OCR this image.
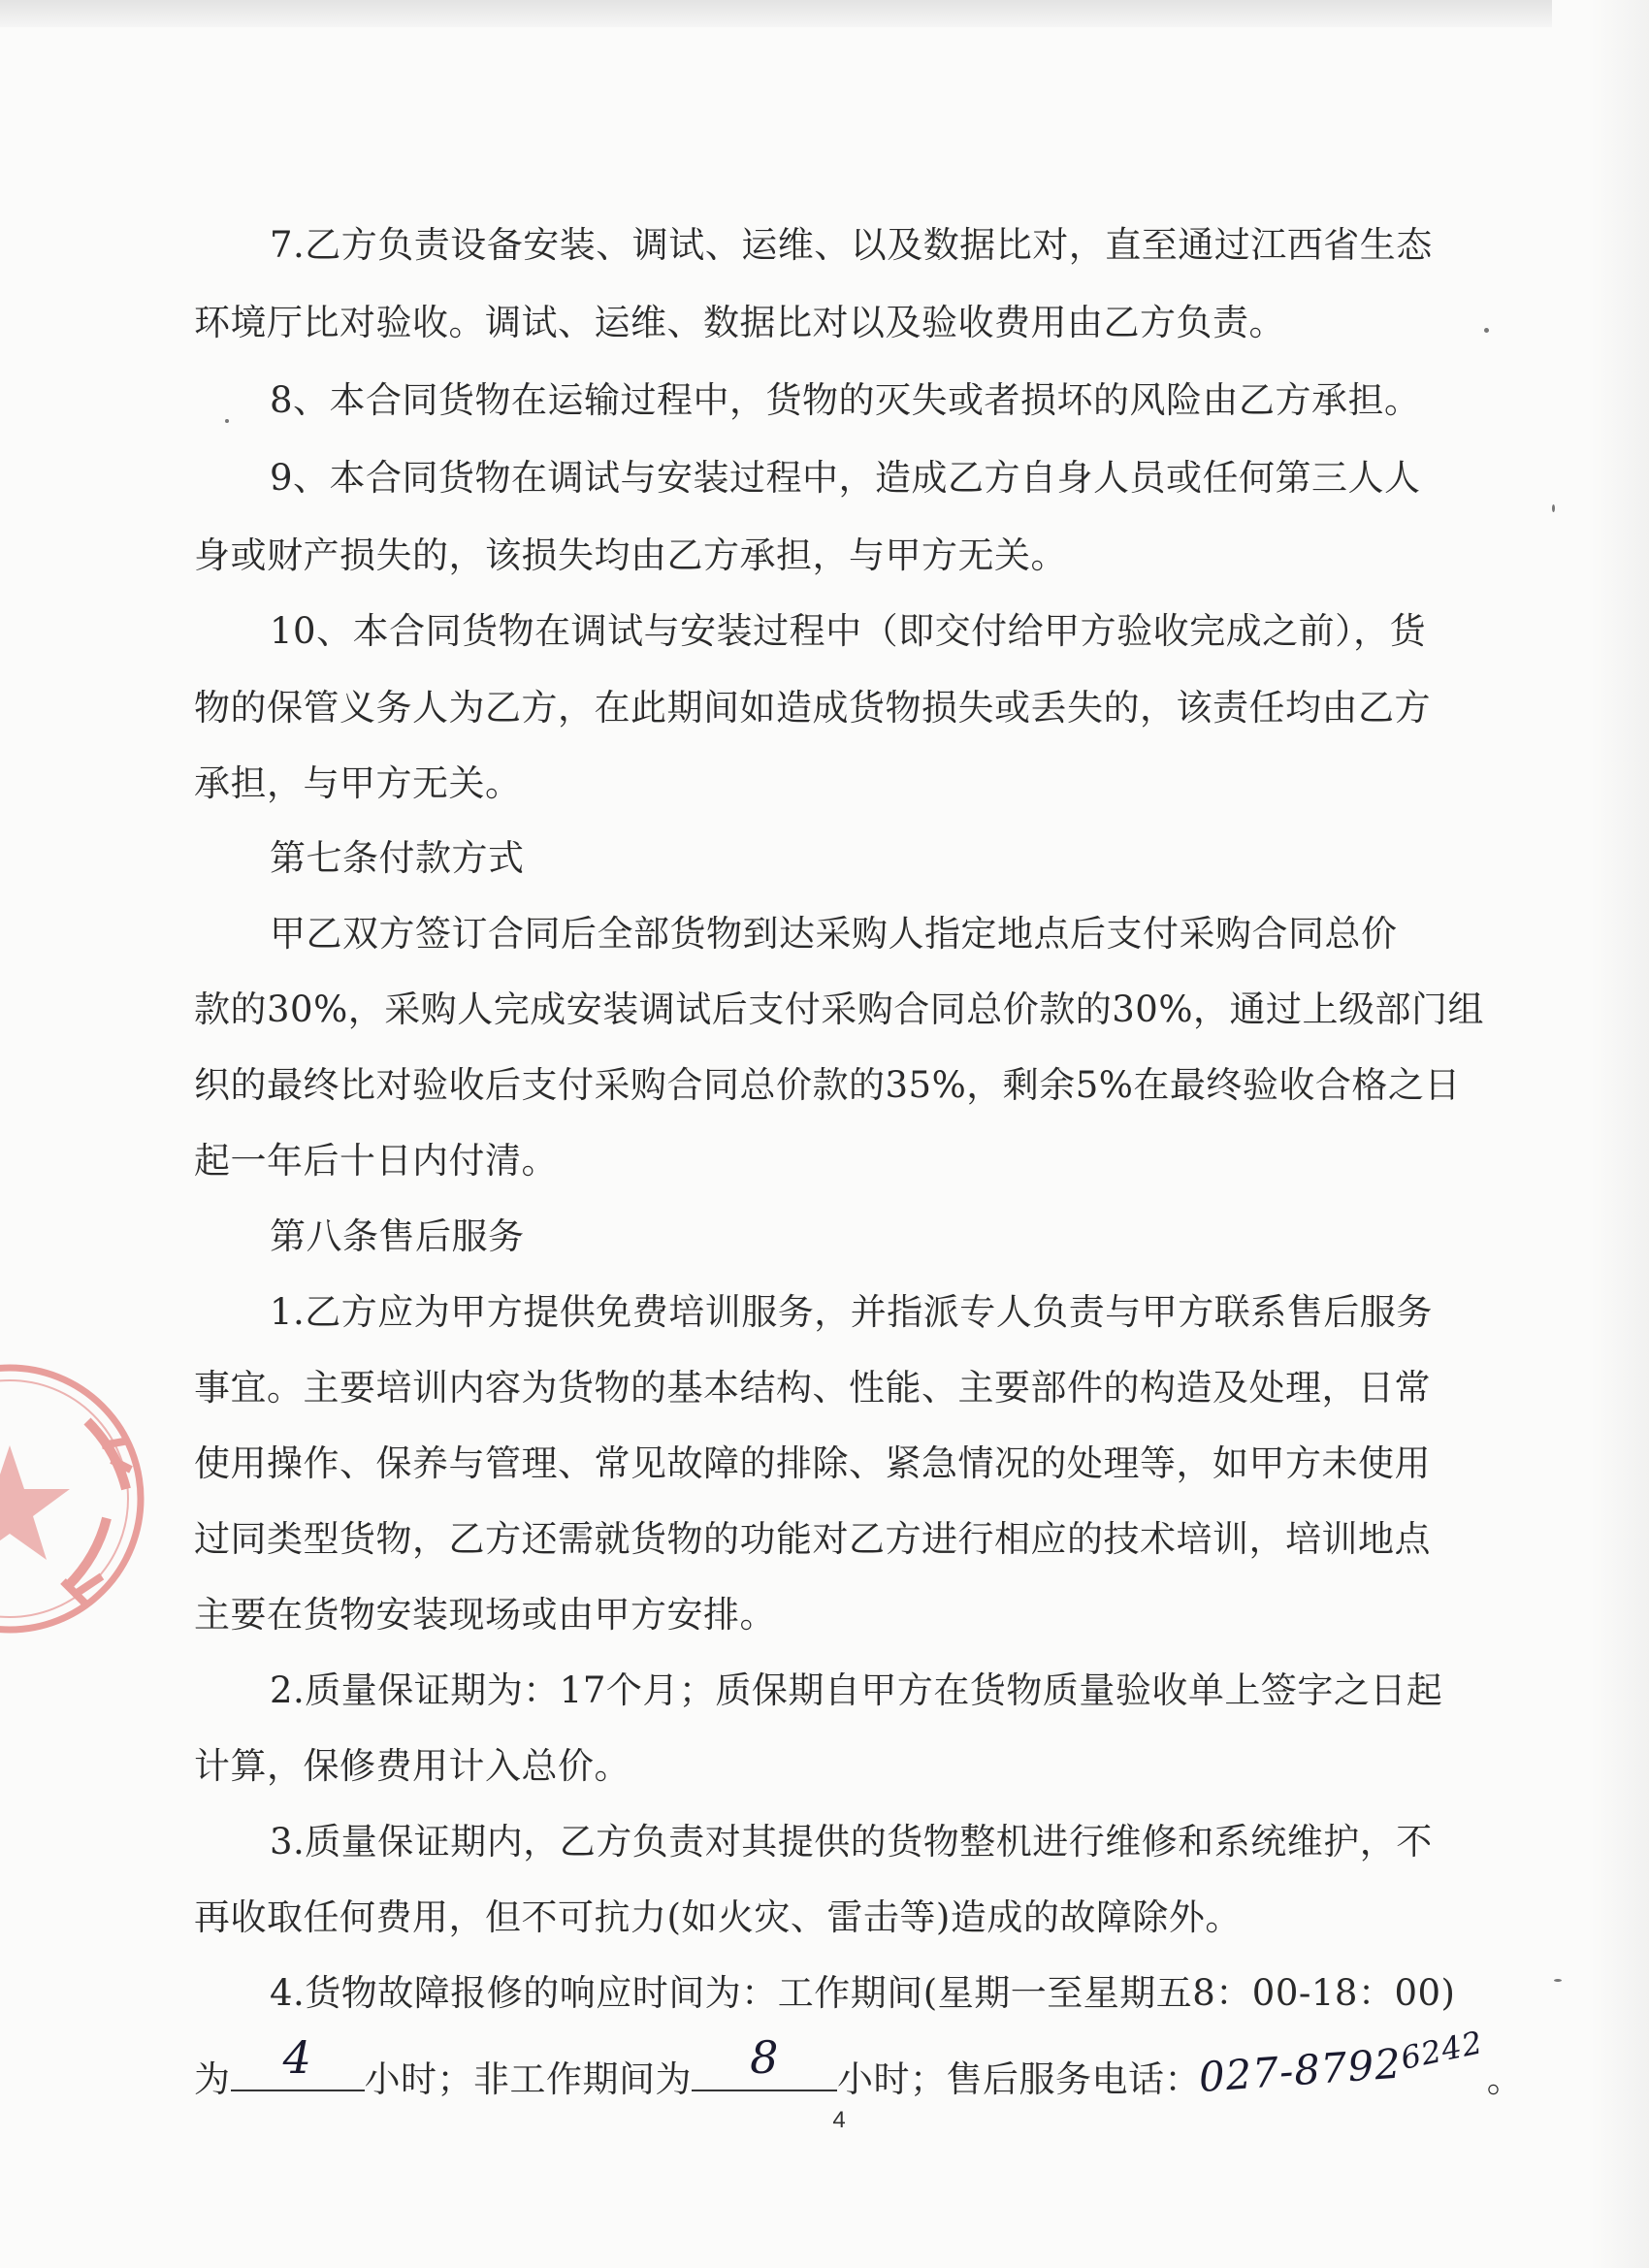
7.乙方负责设备安装、调试、运维、以及数据比对，直至通过江西省生态
环境厅比对验收。调试、运维、数据比对以及验收费用由乙方负责。
8、本合同货物在运输过程中，货物的灭失或者损坏的风险由乙方承担。
9、本合同货物在调试与安装过程中，造成乙方自身人员或任何第三人人
身或财产损失的，该损失均由乙方承担，与甲方无关。
10、本合同货物在调试与安装过程中（即交付给甲方验收完成之前），货
物的保管义务人为乙方，在此期间如造成货物损失或丢失的，该责任均由乙方
承担，与甲方无关。
第七条付款方式
甲乙双方签订合同后全部货物到达采购人指定地点后支付采购合同总价
款的30%，采购人完成安装调试后支付采购合同总价款的30%，通过上级部门组
织的最终比对验收后支付采购合同总价款的35%，剩余5%在最终验收合格之日
起一年后十日内付清。
第八条售后服务
1.乙方应为甲方提供免费培训服务，并指派专人负责与甲方联系售后服务
事宜。主要培训内容为货物的基本结构、性能、主要部件的构造及处理，日常
使用操作、保养与管理、常见故障的排除、紧急情况的处理等，如甲方未使用
过同类型货物，乙方还需就货物的功能对乙方进行相应的技术培训，培训地点
主要在货物安装现场或由甲方安排。
2.质量保证期为：17个月；质保期自甲方在货物质量验收单上签字之日起
计算，保修费用计入总价。
3.质量保证期内，乙方负责对其提供的货物整机进行维修和系统维护，不
再收取任何费用，但不可抗力(如火灾、雷击等)造成的故障除外。
4.货物故障报修的响应时间为：工作期间(星期一至星期五8：00-18：00)
为	4	小时；非工作期间为	8	小时；售后服务电话：027-87926242。
4
